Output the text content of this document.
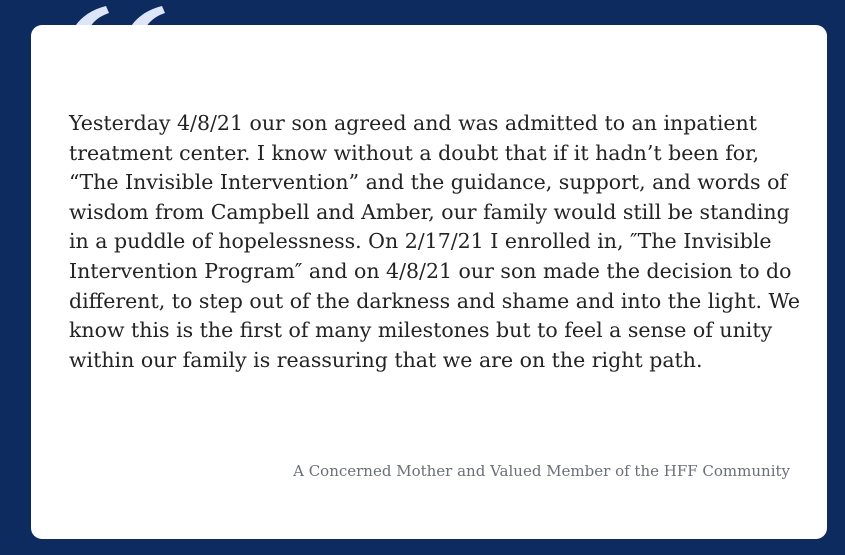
Yesterday 4/8/21 our son agreed and was admitted to an inpatient treatment center. I know without a doubt that if it hadn’t been for, “The Invisible Intervention” and the guidance, support, and words of wisdom from Campbell and Amber, our family would still be standing in a puddle of hopelessness. On 2/17/21 I enrolled in, ″The Invisible Intervention Program″ and on 4/8/21 our son made the decision to do different, to step out of the darkness and shame and into the light. We know this is the first of many milestones but to feel a sense of unity within our family is reassuring that we are on the right path.

A Concerned Mother and Valued Member of the HFF Community
